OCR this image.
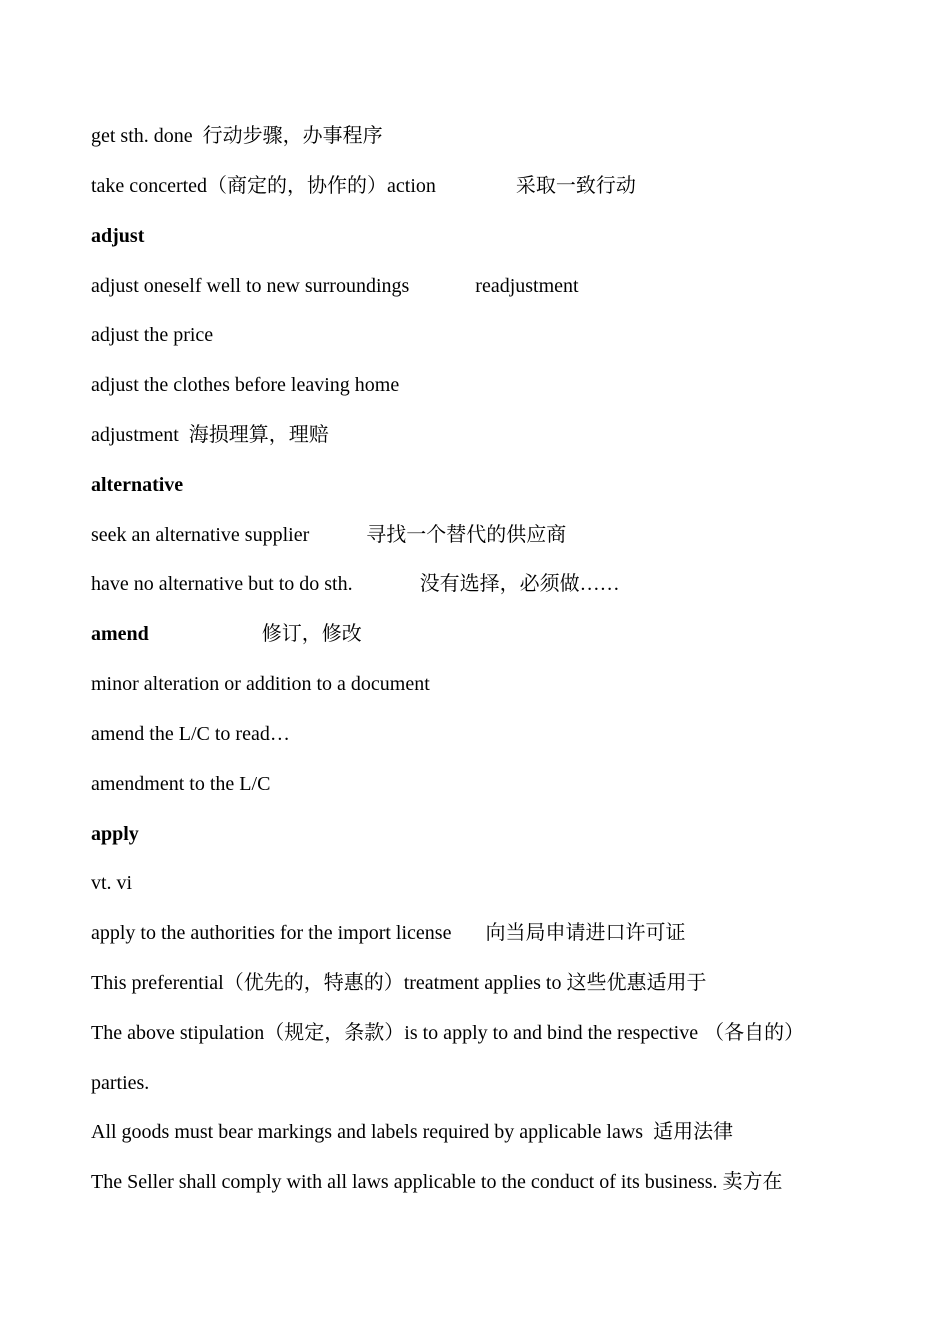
get sth. done 行动步骤，办事程序
take concerted（商定的，协作的）action	采取一致行动
adjust
adjust oneself well to new surroundings	readjustment
adjust the price
adjust the clothes before leaving home
adjustment 海损理算，理赔
alternative
seek an alternative supplier	寻找一个替代的供应商
have no alternative but to do sth.	没有选择，必须做……
amend	修订，修改
minor alteration or addition to a document
amend the L/C to read…
amendment to the L/C
apply
vt. vi
apply to the authorities for the import license 向当局申请进口许可证
This preferential（优先的，特惠的）treatment applies to 这些优惠适用于
The above stipulation（规定，条款）is to apply to and bind the respective （各自的）
parties.
All goods must bear markings and labels required by applicable laws 适用法律
The Seller shall comply with all laws applicable to the conduct of its business. 卖方在
